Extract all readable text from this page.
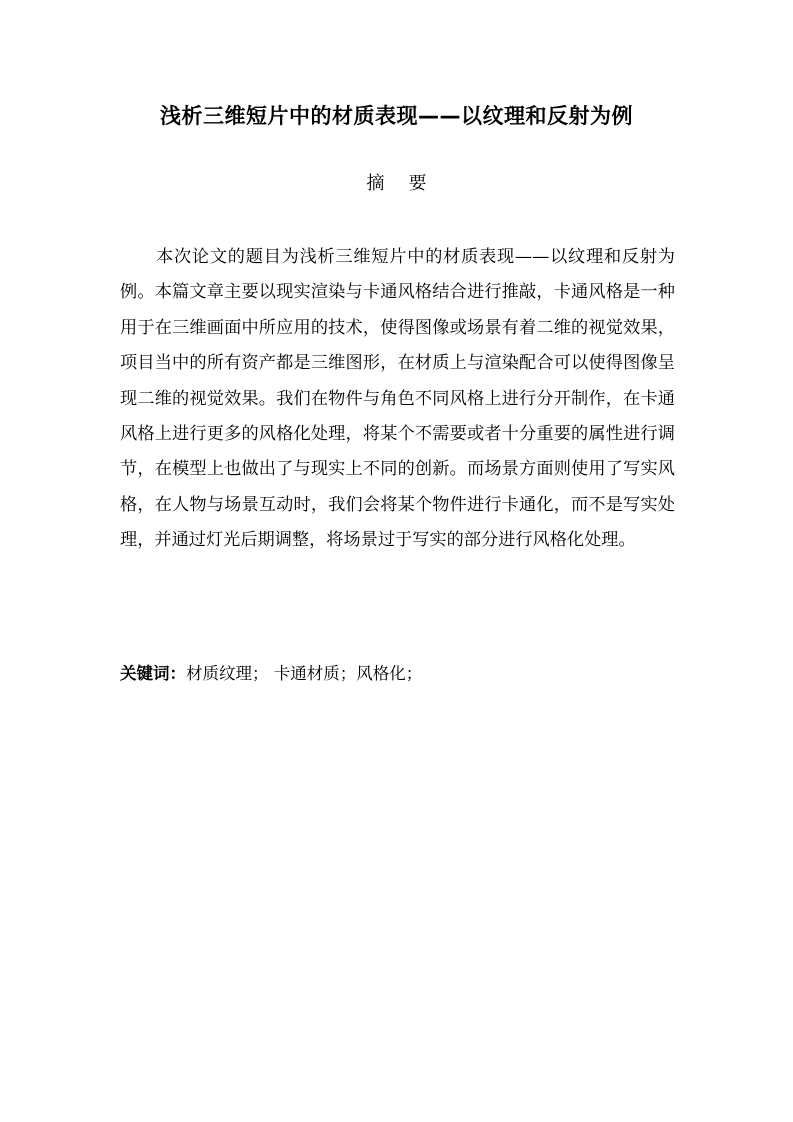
浅析三维短片中的材质表现——以纹理和反射为例
摘要

本次论文的题目为浅析三维短片中的材质表现——以纹理和反射为例。本篇文章主要以现实渲染与卡通风格结合进行推敲，卡通风格是一种用于在三维画面中所应用的技术，使得图像或场景有着二维的视觉效果，项目当中的所有资产都是三维图形，在材质上与渲染配合可以使得图像呈现二维的视觉效果。我们在物件与角色不同风格上进行分开制作，在卡通风格上进行更多的风格化处理，将某个不需要或者十分重要的属性进行调节，在模型上也做出了与现实上不同的创新。而场景方面则使用了写实风格，在人物与场景互动时，我们会将某个物件进行卡通化，而不是写实处理，并通过灯光后期调整，将场景过于写实的部分进行风格化处理。

关键词：材质纹理； 卡通材质；风格化；
